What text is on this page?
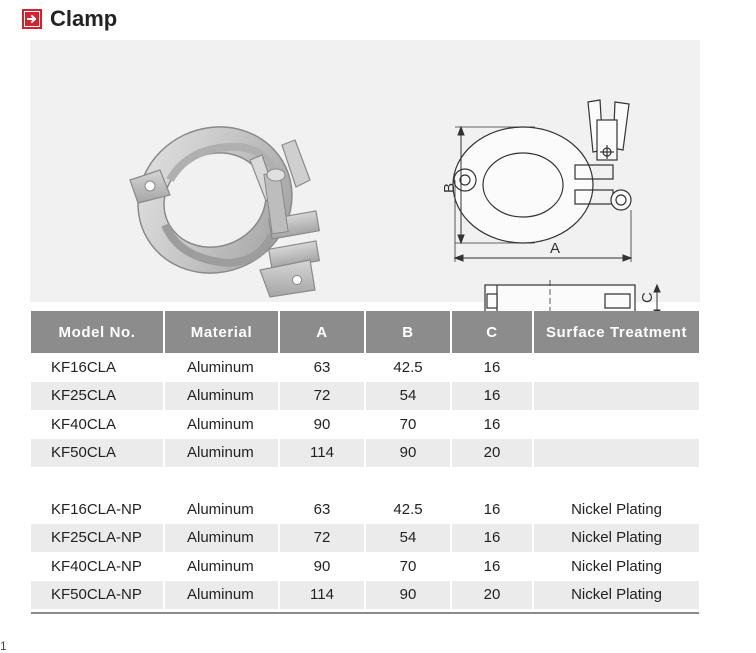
Clamp
B
A
C
Model No.	Material	A	B	C	Surface Treatment
KF16CLA	Aluminum	63	42.5	16	
KF25CLA	Aluminum	72	54	16	
KF40CLA	Aluminum	90	70	16	
KF50CLA	Aluminum	114	90	20	

KF16CLA-NP	Aluminum	63	42.5	16	Nickel Plating
KF25CLA-NP	Aluminum	72	54	16	Nickel Plating
KF40CLA-NP	Aluminum	90	70	16	Nickel Plating
KF50CLA-NP	Aluminum	114	90	20	Nickel Plating
1
